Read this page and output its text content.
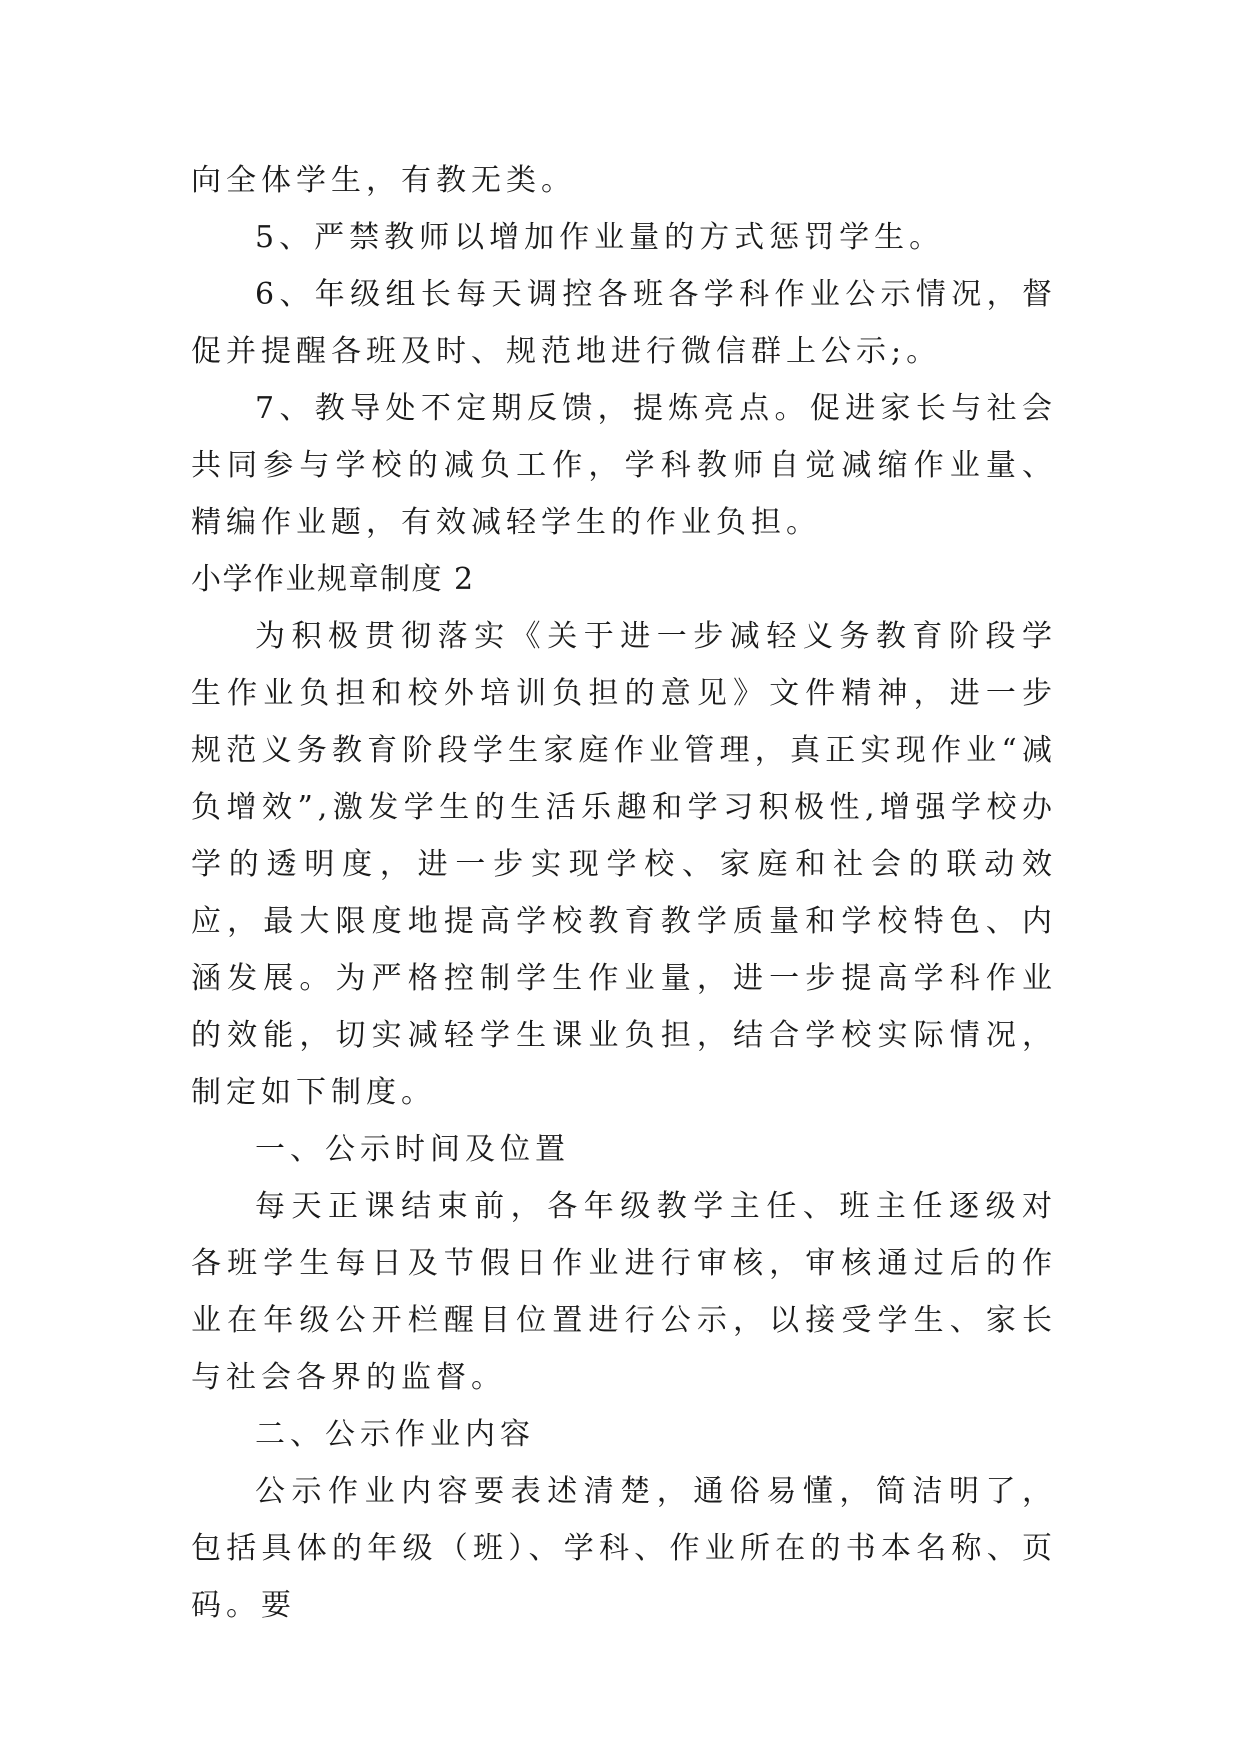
向全体学生，有教无类。

5、严禁教师以增加作业量的方式惩罚学生。

6、年级组长每天调控各班各学科作业公示情况，督促并提醒各班及时、规范地进行微信群上公示;。

7、教导处不定期反馈，提炼亮点。促进家长与社会共同参与学校的减负工作，学科教师自觉减缩作业量、精编作业题，有效减轻学生的作业负担。

小学作业规章制度 2

为积极贯彻落实《关于进一步减轻义务教育阶段学生作业负担和校外培训负担的意见》文件精神，进一步规范义务教育阶段学生家庭作业管理，真正实现作业“减负增效”,激发学生的生活乐趣和学习积极性,增强学校办学的透明度，进一步实现学校、家庭和社会的联动效应，最大限度地提高学校教育教学质量和学校特色、内涵发展。为严格控制学生作业量，进一步提高学科作业的效能，切实减轻学生课业负担，结合学校实际情况，制定如下制度。

一、公示时间及位置

每天正课结束前，各年级教学主任、班主任逐级对各班学生每日及节假日作业进行审核，审核通过后的作业在年级公开栏醒目位置进行公示，以接受学生、家长与社会各界的监督。

二、公示作业内容

公示作业内容要表述清楚，通俗易懂，简洁明了，包括具体的年级（班）、学科、作业所在的书本名称、页码。要
